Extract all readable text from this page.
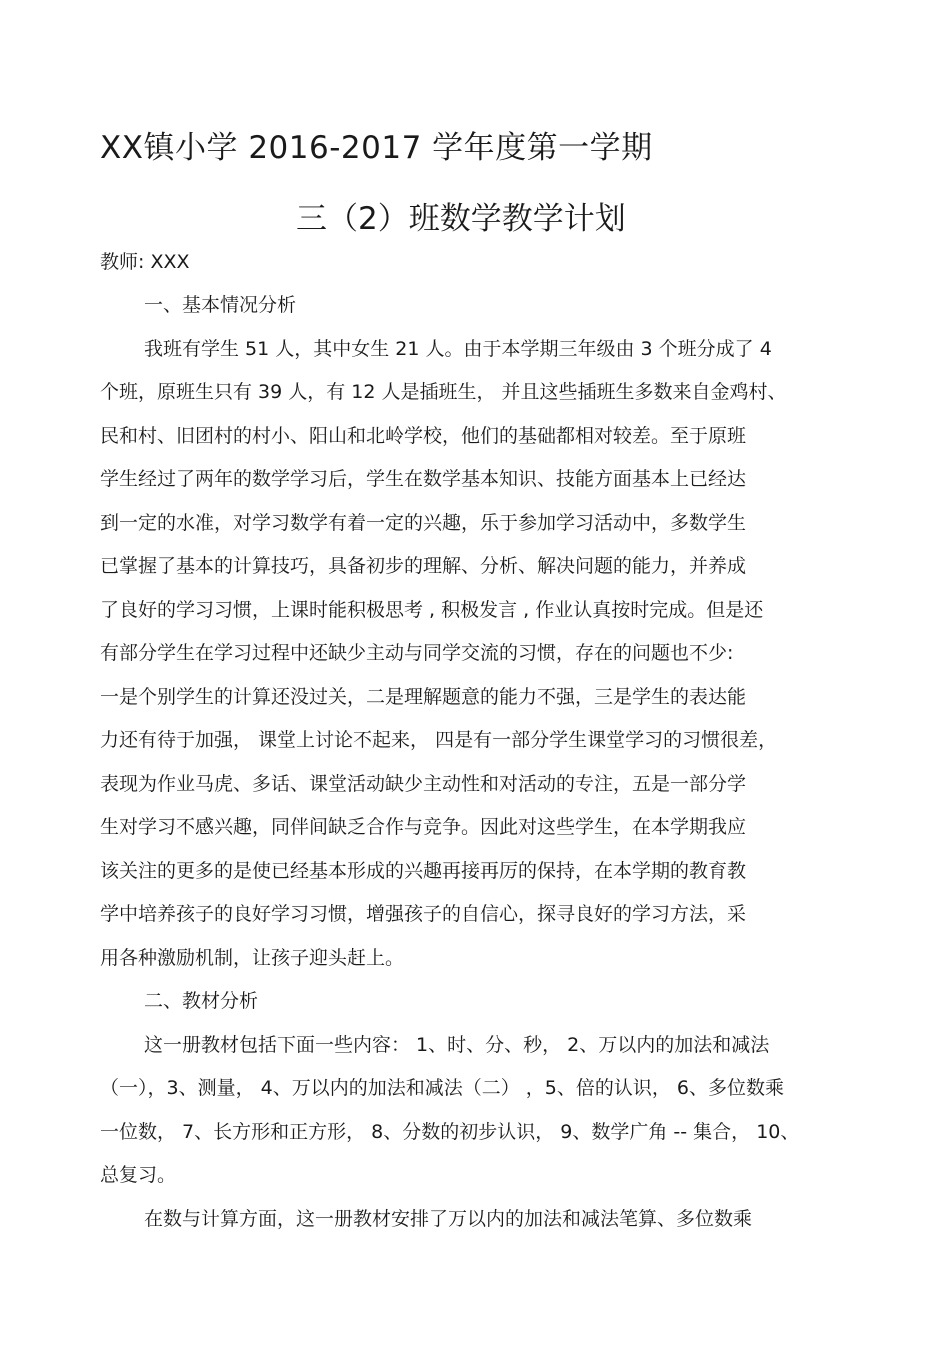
XX镇小学 2016-2017 学年度第一学期
三（2）班数学教学计划
教师: XXX
一、基本情况分析
我班有学生 51 人，其中女生 21 人。由于本学期三年级由 3 个班分成了 4
个班，原班生只有 39 人，有 12 人是插班生， 并且这些插班生多数来自金鸡村、
民和村、旧团村的村小、阳山和北岭学校，他们的基础都相对较差。至于原班
学生经过了两年的数学学习后，学生在数学基本知识、技能方面基本上已经达
到一定的水准，对学习数学有着一定的兴趣，乐于参加学习活动中，多数学生
已掌握了基本的计算技巧，具备初步的理解、分析、解决问题的能力，并养成
了良好的学习习惯，上课时能积极思考 , 积极发言 , 作业认真按时完成。但是还
有部分学生在学习过程中还缺少主动与同学交流的习惯，存在的问题也不少:
一是个别学生的计算还没过关，二是理解题意的能力不强，三是学生的表达能
力还有待于加强， 课堂上讨论不起来， 四是有一部分学生课堂学习的习惯很差，
表现为作业马虎、多话、课堂活动缺少主动性和对活动的专注，五是一部分学
生对学习不感兴趣，同伴间缺乏合作与竞争。因此对这些学生，在本学期我应
该关注的更多的是使已经基本形成的兴趣再接再厉的保持，在本学期的教育教
学中培养孩子的良好学习习惯，增强孩子的自信心，探寻良好的学习方法，采
用各种激励机制，让孩子迎头赶上。
二、教材分析
这一册教材包括下面一些内容： 1、时、分、秒， 2、万以内的加法和减法
（一），3、测量， 4、万以内的加法和减法（二） ，5、倍的认识， 6、多位数乘
一位数， 7、长方形和正方形， 8、分数的初步认识， 9、数学广角 -- 集合， 10、
总复习。
在数与计算方面，这一册教材安排了万以内的加法和减法笔算、多位数乘
